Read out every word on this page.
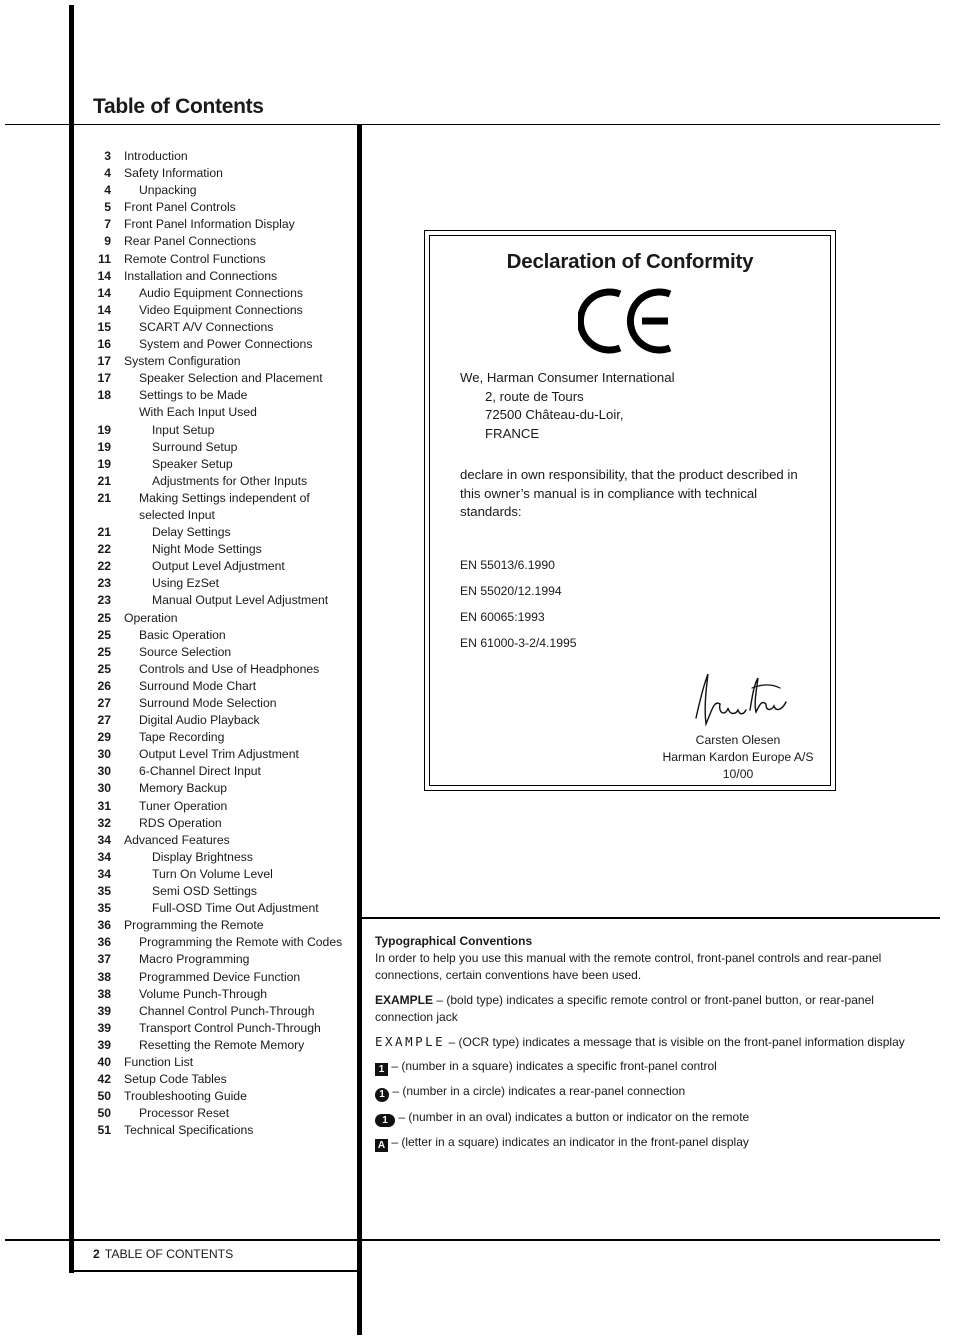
Table of Contents
3 Introduction
4 Safety Information
4 Unpacking
5 Front Panel Controls
7 Front Panel Information Display
9 Rear Panel Connections
11 Remote Control Functions
14 Installation and Connections
14 Audio Equipment Connections
14 Video Equipment Connections
15 SCART A/V Connections
16 System and Power Connections
17 System Configuration
17 Speaker Selection and Placement
18 Settings to be Made
With Each Input Used
19	Input Setup
19	Surround Setup
19	Speaker Setup
21	Adjustments for Other Inputs
21 Making Settings independent of
selected Input
21	Delay Settings
22	Night Mode Settings
22	Output Level Adjustment
23	Using EzSet
23	Manual Output Level Adjustment
25 Operation
25 Basic Operation
25 Source Selection
25 Controls and Use of Headphones
26 Surround Mode Chart
27 Surround Mode Selection
27 Digital Audio Playback
29 Tape Recording
30 Output Level Trim Adjustment
30 6-Channel Direct Input
30 Memory Backup
31 Tuner Operation
32 RDS Operation
34 Advanced Features
34	Display Brightness
34	Turn On Volume Level
35	Semi OSD Settings
35	Full-OSD Time Out Adjustment
36 Programming the Remote
36 Programming the Remote with Codes
37 Macro Programming
38 Programmed Device Function
38 Volume Punch-Through
39 Channel Control Punch-Through
39 Transport Control Punch-Through
39 Resetting the Remote Memory
40 Function List
42 Setup Code Tables
50 Troubleshooting Guide
50 Processor Reset
51 Technical Specifications
Declaration of Conformity
We, Harman Consumer International
2, route de Tours
72500 Château-du-Loir,
FRANCE
declare in own responsibility, that the product described in this owner’s manual is in compliance with technical standards:
EN 55013/6.1990
EN 55020/12.1994
EN 60065:1993
EN 61000-3-2/4.1995
Carsten Olesen
Harman Kardon Europe A/S
10/00
Typographical Conventions
In order to help you use this manual with the remote control, front-panel controls and rear-panel connections, certain conventions have been used.
EXAMPLE – (bold type) indicates a specific remote control or front-panel button, or rear-panel connection jack
EXAMPLE – (OCR type) indicates a message that is visible on the front-panel information display
1 – (number in a square) indicates a specific front-panel control
1 – (number in a circle) indicates a rear-panel connection
1 – (number in an oval) indicates a button or indicator on the remote
A – (letter in a square) indicates an indicator in the front-panel display
2 TABLE OF CONTENTS
